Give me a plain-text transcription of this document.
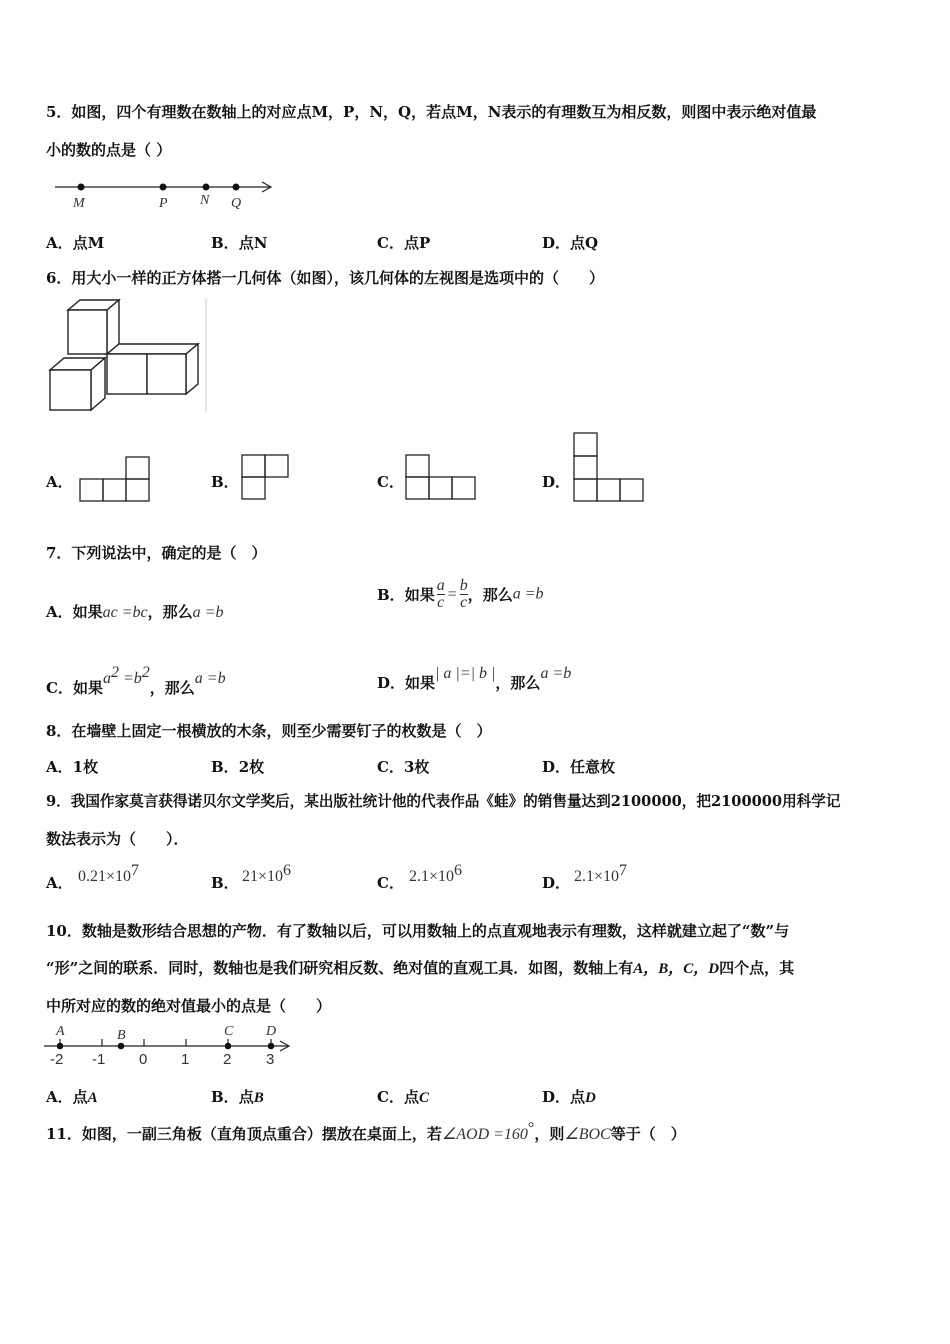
5．如图，四个有理数在数轴上的对应点M，P，N，Q，若点M，N表示的有理数互为相反数，则图中表示绝对值最
小的数的点是（ ）
M	P N Q
A．点M	B．点N	C．点P	D．点Q
6．用大小一样的正方体搭一几何体（如图），该几何体的左视图是选项中的（　　）
A．	B．	C．	D．
7．下列说法中，确定的是（　）
A．如果ac =bc，那么a =b
B．如果 $\frac{a}{c} = \frac{b}{c}$ ，那么a =b
C．如果$a^2 =b^2$，那么a =b	D．如果| a |=| b |，那么a =b
8．在墙壁上固定一根横放的木条，则至少需要钉子的枚数是（　）
A．1枚	B．2枚	C．3枚	D．任意枚
9．我国作家莫言获得诺贝尔文学奖后，某出版社统计他的代表作品《蛙》的销售量达到2100000，把2100000用科学记
数法表示为（　　）．
A． $0.21\times 10^7$
B． $21\times 10^6$
C． $2.1\times 10^6$
D． $2.1\times 10^7$
10．数轴是数形结合思想的产物．有了数轴以后，可以用数轴上的点直观地表示有理数，这样就建立起了“数”与
“形”之间的联系．同时，数轴也是我们研究相反数、绝对值的直观工具．如图，数轴上有A，B，C，D四个点，其
中所对应的数的绝对值最小的点是（　　）
A	B	C D
-2 -1 0 1 2 3
A．点A	B．点B	C．点C	D．点D
11．如图，一副三角板（直角顶点重合）摆放在桌面上，若∠AOD =160°，则∠BOC等于（　）
